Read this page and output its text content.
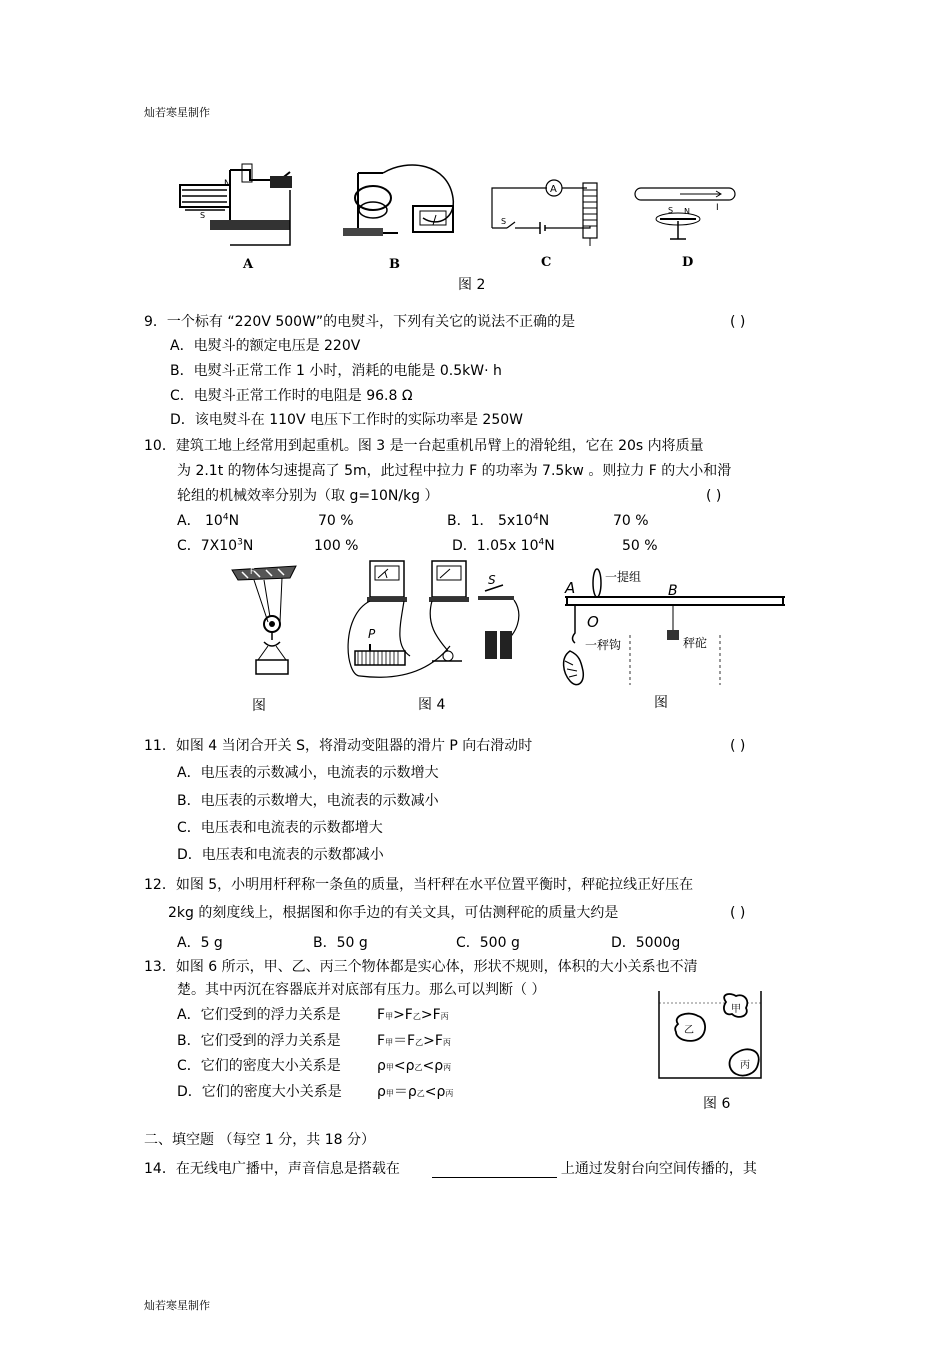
灿若寒星制作
灿若寒星制作
N
S
A	B
A
S
C
I
S N
D
图 2
9．一个标有 “220V 500W”的电熨斗，下列有关它的说法不正确的是	( )
A．电熨斗的额定电压是 220V
B．电熨斗正常工作 1 小时，消耗的电能是 0.5kW· h
C．电熨斗正常工作时的电阻是 96.8 Ω
D．该电熨斗在 110V 电压下工作时的实际功率是 250W
10．建筑工地上经常用到起重机。图 3 是一台起重机吊臂上的滑轮组，它在 20s 内将质量
为 2.1t 的物体匀速提高了 5m，此过程中拉力 F 的功率为 7.5kw 。则拉力 F 的大小和滑
轮组的机械效率分别为（取 g=10N/kg ）	( )
A． $10^4N$	70 %	B．1． $5x10^4N$	70 %
C．$7X10^3N$	100 %	D．1.05x $10^4N$	50 %
F
图
S
P
图 4
A
一提组
B
秤砣
O
一秤钩
图
11．如图 4 当闭合开关 S，将滑动变阻器的滑片 P 向右滑动时	( )
A．电压表的示数减小，电流表的示数增大
B．电压表的示数增大，电流表的示数减小
C．电压表和电流表的示数都增大
D．电压表和电流表的示数都减小
12．如图 5，小明用杆秤称一条鱼的质量，当杆秤在水平位置平衡时，秤砣拉线正好压在
2kg 的刻度线上，根据图和你手边的有关文具，可估测秤砣的质量大约是	( )
A．5 g	B．50 g	C．500 g	D．5000g
13．如图 6 所示，甲、乙、丙三个物体都是实心体，形状不规则，体积的大小关系也不清
楚。其中丙沉在容器底并对底部有压力。那么可以判断（ ）
A．它们受到的浮力关系是	F甲>F乙>F丙
B．它们受到的浮力关系是	F甲＝F乙>F丙
C．它们的密度大小关系是	ρ甲<ρ乙<ρ丙
D．它们的密度大小关系是	ρ甲＝ρ乙<ρ丙
甲
乙
丙
图 6
二、填空题 （每空 1 分，共 18 分）
14．在无线电广播中，声音信息是搭载在	上通过发射台向空间传播的，其
